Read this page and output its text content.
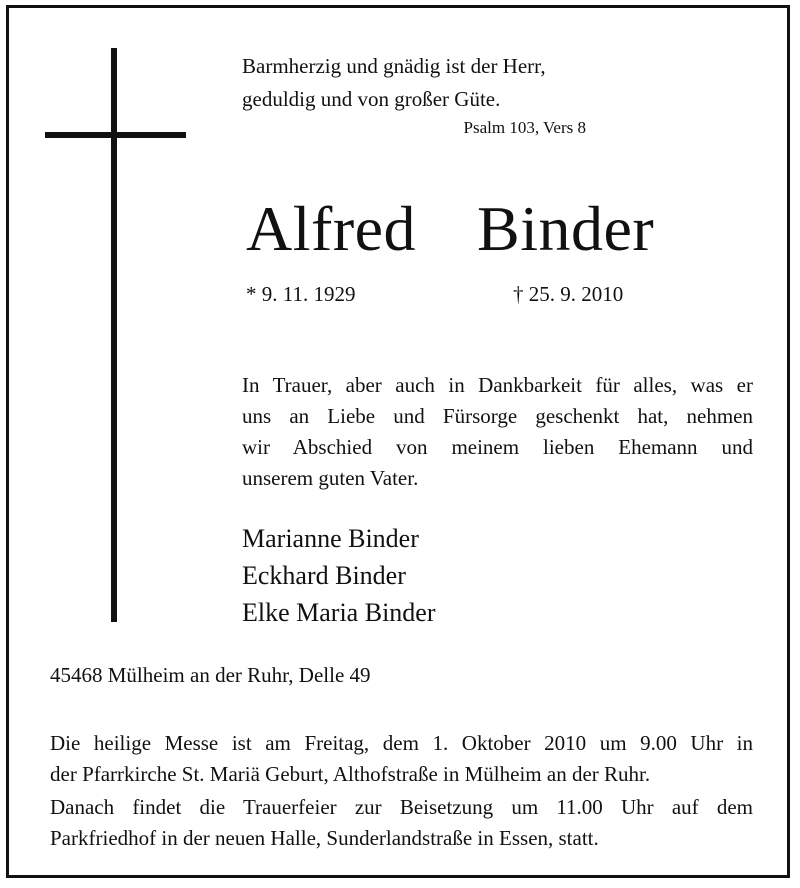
Barmherzig und gnädig ist der Herr,
geduldig und von großer Güte.
Psalm 103, Vers 8
Alfred  Binder
* 9. 11. 1929	† 25. 9. 2010
In Trauer, aber auch in Dankbarkeit für alles, was er
uns an Liebe und Fürsorge geschenkt hat, nehmen
wir Abschied von meinem lieben Ehemann und
unserem guten Vater.
Marianne Binder
Eckhard Binder
Elke Maria Binder
45468 Mülheim an der Ruhr, Delle 49
Die heilige Messe ist am Freitag, dem 1. Oktober 2010 um 9.00 Uhr in
der Pfarrkirche St. Mariä Geburt, Althofstraße in Mülheim an der Ruhr.
Danach findet die Trauerfeier zur Beisetzung um 11.00 Uhr auf dem
Parkfriedhof in der neuen Halle, Sunderlandstraße in Essen, statt.
